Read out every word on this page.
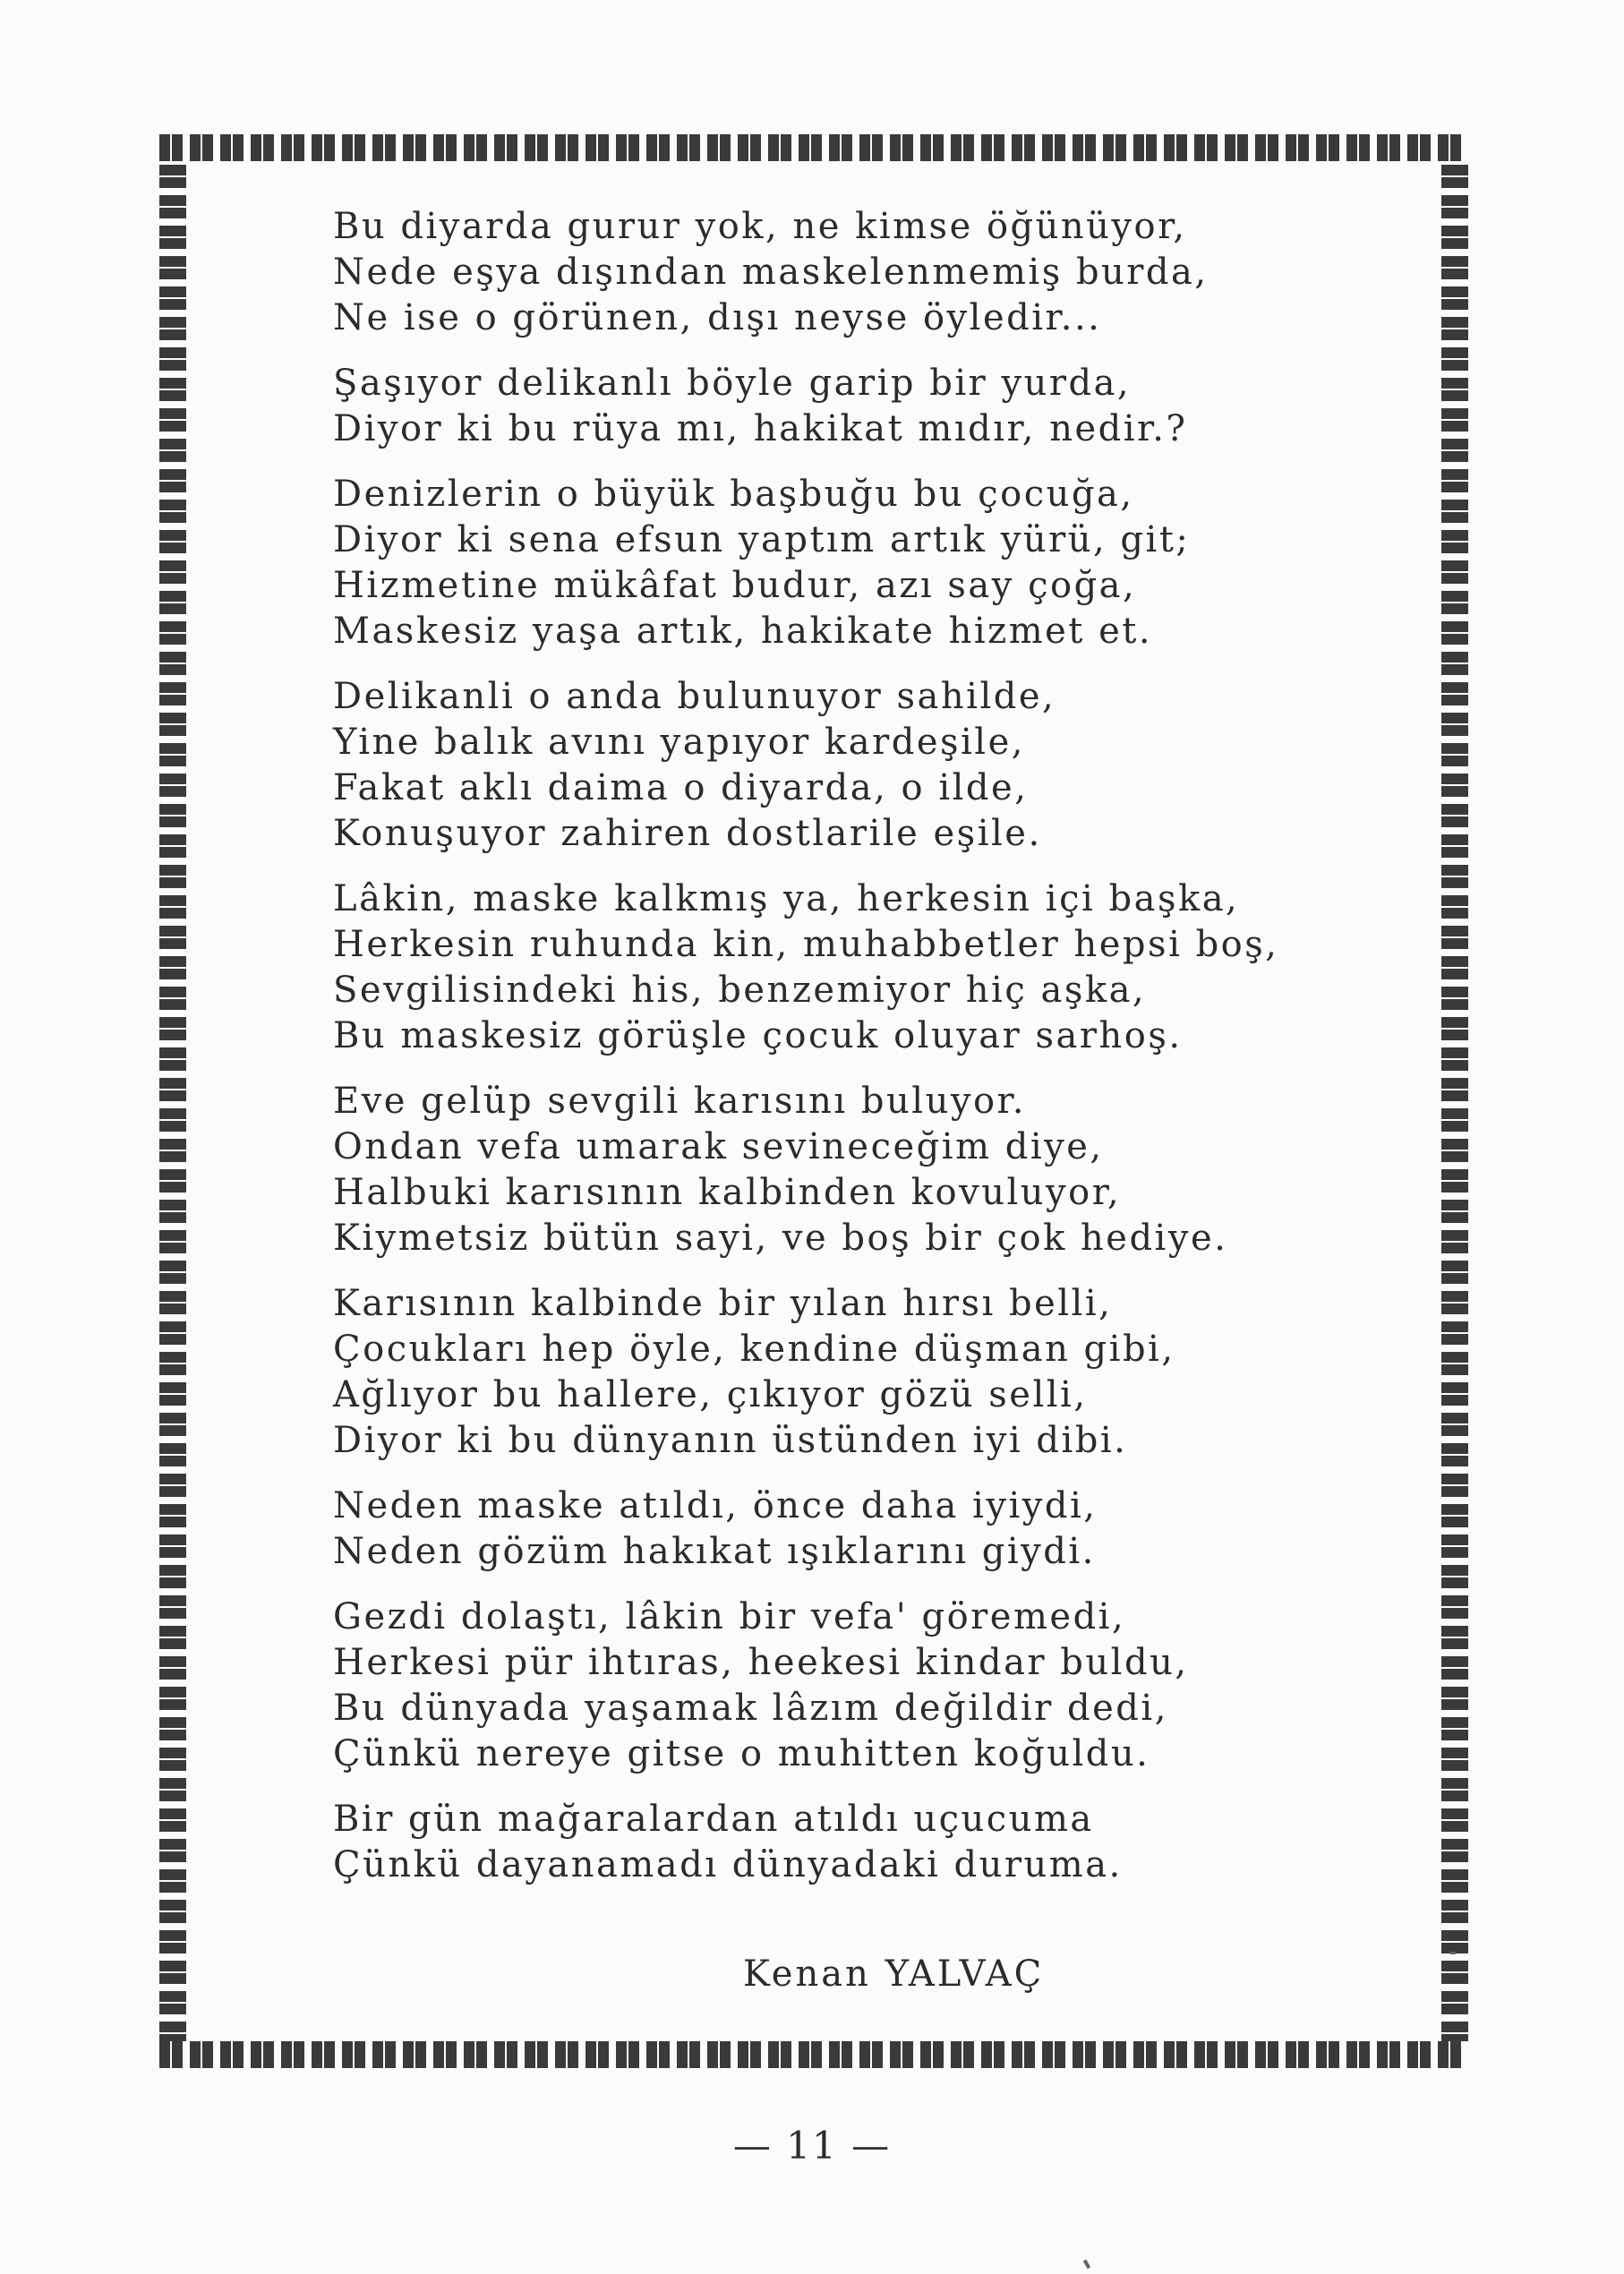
Bu diyarda gurur yok, ne kimse öğünüyor,
Nede eşya dışından maskelenmemiş burda,
Ne ise o görünen, dışı neyse öyledir...
Şaşıyor delikanlı böyle garip bir yurda,
Diyor ki bu rüya mı, hakikat mıdır, nedir.?
Denizlerin o büyük başbuğu bu çocuğa,
Diyor ki sena efsun yaptım artık yürü, git;
Hizmetine mükâfat budur, azı say çoğa,
Maskesiz yaşa artık, hakikate hizmet et.
Delikanli o anda bulunuyor sahilde,
Yine balık avını yapıyor kardeşile,
Fakat aklı daima o diyarda, o ilde,
Konuşuyor zahiren dostlarile eşile.
Lâkin, maske kalkmış ya, herkesin içi başka,
Herkesin ruhunda kin, muhabbetler hepsi boş,
Sevgilisindeki his, benzemiyor hiç aşka,
Bu maskesiz görüşle çocuk oluyar sarhoş.
Eve gelüp sevgili karısını buluyor.
Ondan vefa umarak sevineceğim diye,
Halbuki karısının kalbinden kovuluyor,
Kiymetsiz bütün sayi, ve boş bir çok hediye.
Karısının kalbinde bir yılan hırsı belli,
Çocukları hep öyle, kendine düşman gibi,
Ağlıyor bu hallere, çıkıyor gözü selli,
Diyor ki bu dünyanın üstünden iyi dibi.
Neden maske atıldı, önce daha iyiydi,
Neden gözüm hakıkat ışıklarını giydi.
Gezdi dolaştı, lâkin bir vefa' göremedi,
Herkesi pür ihtıras, heekesi kindar buldu,
Bu dünyada yaşamak lâzım değildir dedi,
Çünkü nereye gitse o muhitten koğuldu.
Bir gün mağaralardan atıldı uçucuma
Çünkü dayanamadı dünyadaki duruma.
Kenan YALVAÇ
— 11 —
